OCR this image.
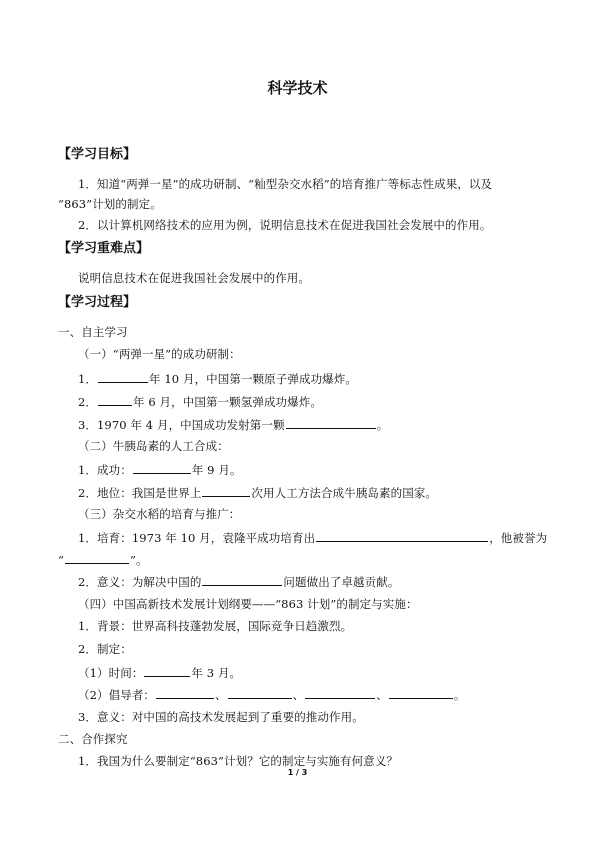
科学技术
【学习目标】
1．知道“两弹一星”的成功研制、“籼型杂交水稻”的培育推广等标志性成果，以及
“863”计划的制定。
2．以计算机网络技术的应用为例，说明信息技术在促进我国社会发展中的作用。
【学习重难点】
说明信息技术在促进我国社会发展中的作用。
【学习过程】
一、自主学习
（一）“两弹一星”的成功研制：
1．	年 10 月，中国第一颗原子弹成功爆炸。
2．	年 6 月，中国第一颗氢弹成功爆炸。
3．1970 年 4 月，中国成功发射第一颗	。
（二）牛胰岛素的人工合成：
1．成功：	年 9 月。
2．地位：我国是世界上	次用人工方法合成牛胰岛素的国家。
（三）杂交水稻的培育与推广：
1．培育：1973 年 10 月，袁隆平成功培育出	，他被誉为
“	”。
2．意义：为解决中国的	问题做出了卓越贡献。
（四）中国高新技术发展计划纲要——“863 计划”的制定与实施：
1．背景：世界高科技蓬勃发展，国际竞争日趋激烈。
2．制定：
（1）时间：	年 3 月。
（2）倡导者：	、	、	、	。
3．意义：对中国的高技术发展起到了重要的推动作用。
二、合作探究
1．我国为什么要制定“863”计划？它的制定与实施有何意义？
1 / 3
